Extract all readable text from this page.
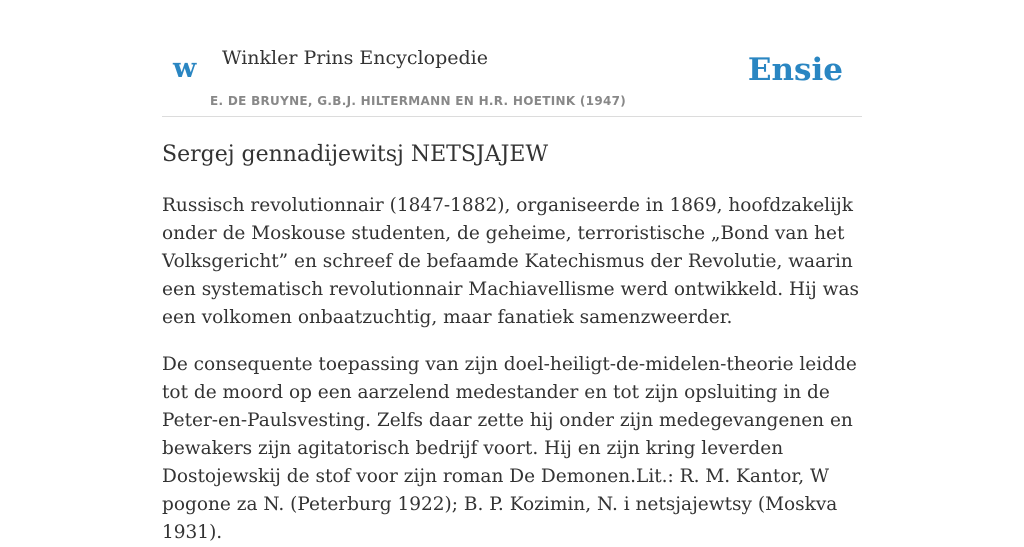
w Winkler Prins Encyclopedie
E. DE BRUYNE, G.B.J. HILTERMANN EN H.R. HOETINK (1947)
Ensie
Sergej gennadijewitsj NETSJAJEW

Russisch revolutionnair (1847-1882), organiseerde in 1869, hoofdzakelijk onder de Moskouse studenten, de geheime, terroristische „Bond van het Volksgericht” en schreef de befaamde Katechismus der Revolutie, waarin een systematisch revolutionnair Machiavellisme werd ontwikkeld. Hij was een volkomen onbaatzuchtig, maar fanatiek samenzweerder.

De consequente toepassing van zijn doel-heiligt-de-midelen-theorie leidde tot de moord op een aarzelend medestander en tot zijn opsluiting in de Peter-en-Paulsvesting. Zelfs daar zette hij onder zijn medegevangenen en bewakers zijn agitatorisch bedrijf voort. Hij en zijn kring leverden Dostojewskij de stof voor zijn roman De Demonen.Lit.: R. M. Kantor, W pogone za N. (Peterburg 1922); B. P. Kozimin, N. i netsjajewtsy (Moskva 1931).
